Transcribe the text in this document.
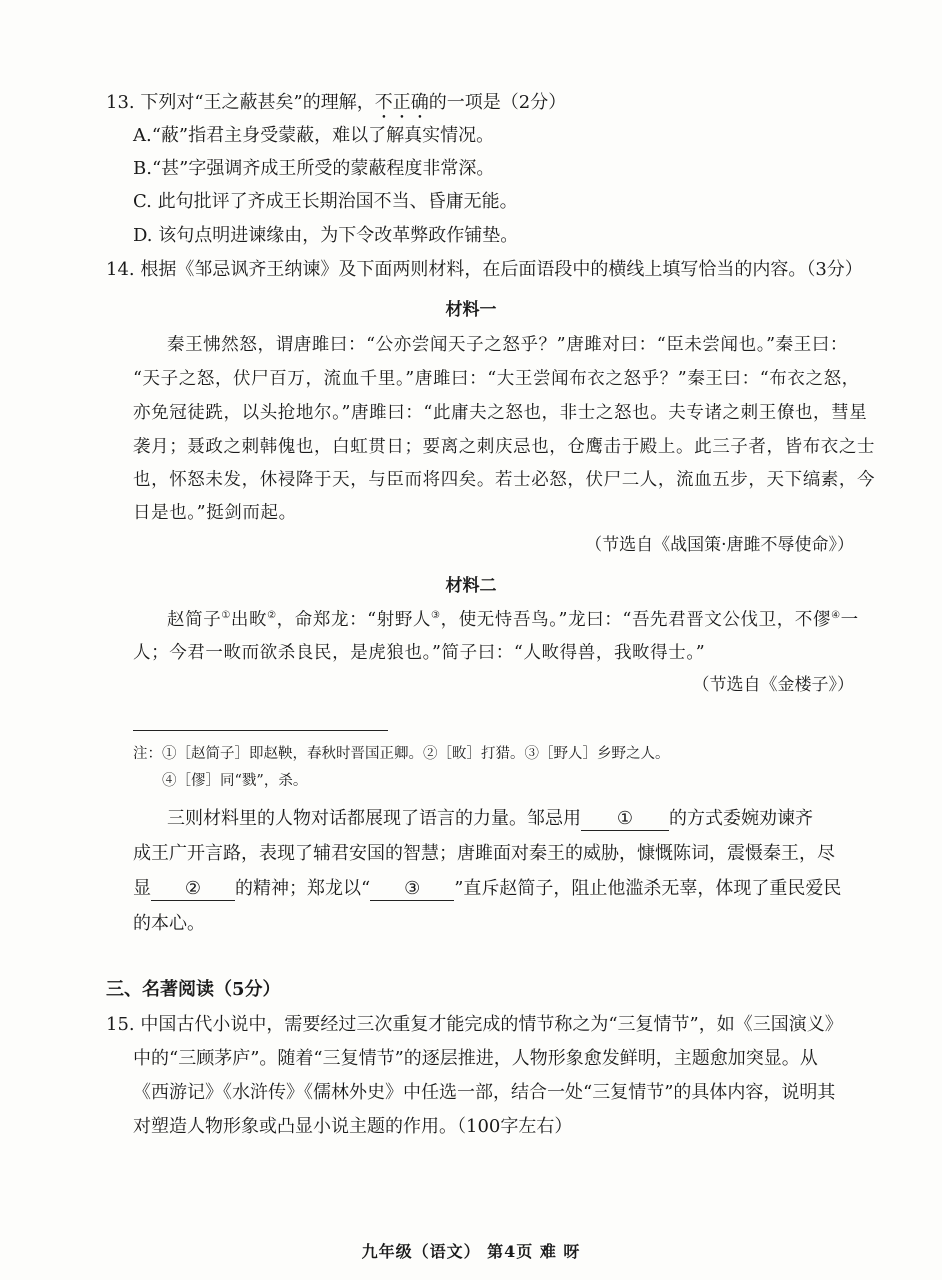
13. 下列对“王之蔽甚矣”的理解，不正确的一项是（2分）
A.“蔽”指君主身受蒙蔽，难以了解真实情况。
B.“甚”字强调齐成王所受的蒙蔽程度非常深。
C. 此句批评了齐成王长期治国不当、昏庸无能。
D. 该句点明进谏缘由，为下令改革弊政作铺垫。
14. 根据《邹忌讽齐王纳谏》及下面两则材料，在后面语段中的横线上填写恰当的内容。（3分）
材料一
秦王怫然怒，谓唐雎曰：“公亦尝闻天子之怒乎？”唐雎对曰：“臣未尝闻也。”秦王曰：
“天子之怒，伏尸百万，流血千里。”唐雎曰：“大王尝闻布衣之怒乎？”秦王曰：“布衣之怒，
亦免冠徒跣，以头抢地尔。”唐雎曰：“此庸夫之怒也，非士之怒也。夫专诸之刺王僚也，彗星
袭月；聂政之刺韩傀也，白虹贯日；要离之刺庆忌也，仓鹰击于殿上。此三子者，皆布衣之士
也，怀怒未发，休祲降于天，与臣而将四矣。若士必怒，伏尸二人，流血五步，天下缟素，今
日是也。”挺剑而起。
（节选自《战国策·唐雎不辱使命》）
材料二
赵简子①出畋②，命郑龙：“射野人③，使无恃吾鸟。”龙曰：“吾先君晋文公伐卫，不僇④一
人；今君一畋而欲杀良民，是虎狼也。”简子曰：“人畋得兽，我畋得士。”
（节选自《金楼子》）
注：①［赵简子］即赵鞅，春秋时晋国正卿。②［畋］打猎。③［野人］乡野之人。
④［僇］同“戮”，杀。
三则材料里的人物对话都展现了语言的力量。邹忌用 ① 的方式委婉劝谏齐
成王广开言路，表现了辅君安国的智慧；唐雎面对秦王的威胁，慷慨陈词，震慑秦王，尽
显 ② 的精神；郑龙以“ ③ ”直斥赵简子，阻止他滥杀无辜，体现了重民爱民
的本心。
三、名著阅读（5分）
15. 中国古代小说中，需要经过三次重复才能完成的情节称之为“三复情节”，如《三国演义》
中的“三顾茅庐”。随着“三复情节”的逐层推进，人物形象愈发鲜明，主题愈加突显。从
《西游记》《水浒传》《儒林外史》中任选一部，结合一处“三复情节”的具体内容，说明其
对塑造人物形象或凸显小说主题的作用。（100字左右）
九年级（语文） 第4页 难 呀
